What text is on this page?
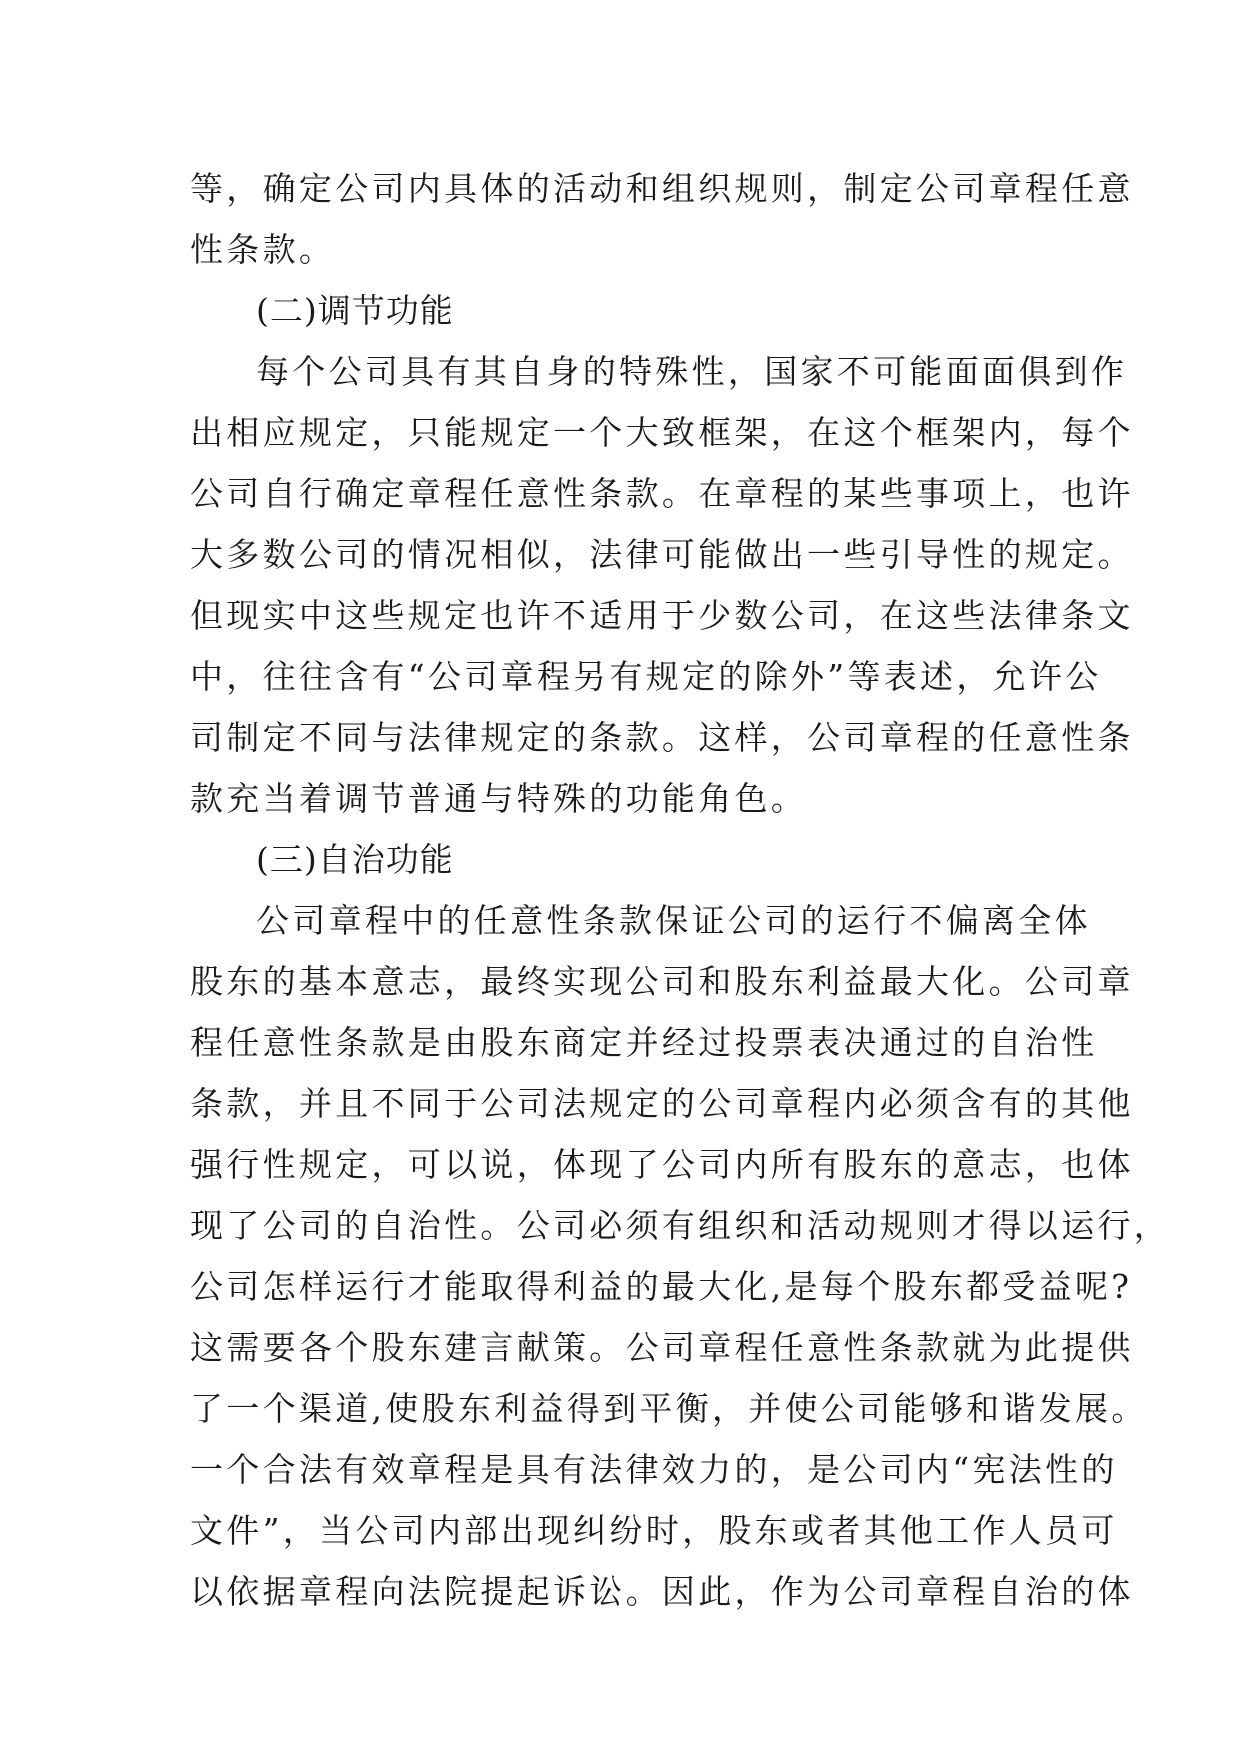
等，确定公司内具体的活动和组织规则，制定公司章程任意

性条款。

(二)调节功能

每个公司具有其自身的特殊性，国家不可能面面俱到作

出相应规定，只能规定一个大致框架，在这个框架内，每个

公司自行确定章程任意性条款。在章程的某些事项上，也许

大多数公司的情况相似，法律可能做出一些引导性的规定。

但现实中这些规定也许不适用于少数公司，在这些法律条文

中，往往含有“公司章程另有规定的除外”等表述，允许公

司制定不同与法律规定的条款。这样，公司章程的任意性条

款充当着调节普通与特殊的功能角色。

(三)自治功能

公司章程中的任意性条款保证公司的运行不偏离全体

股东的基本意志，最终实现公司和股东利益最大化。公司章

程任意性条款是由股东商定并经过投票表决通过的自治性

条款，并且不同于公司法规定的公司章程内必须含有的其他

强行性规定，可以说，体现了公司内所有股东的意志，也体

现了公司的自治性。公司必须有组织和活动规则才得以运行，

公司怎样运行才能取得利益的最大化,是每个股东都受益呢?

这需要各个股东建言献策。公司章程任意性条款就为此提供

了一个渠道,使股东利益得到平衡，并使公司能够和谐发展。

一个合法有效章程是具有法律效力的，是公司内“宪法性的

文件”，当公司内部出现纠纷时，股东或者其他工作人员可

以依据章程向法院提起诉讼。因此，作为公司章程自治的体
